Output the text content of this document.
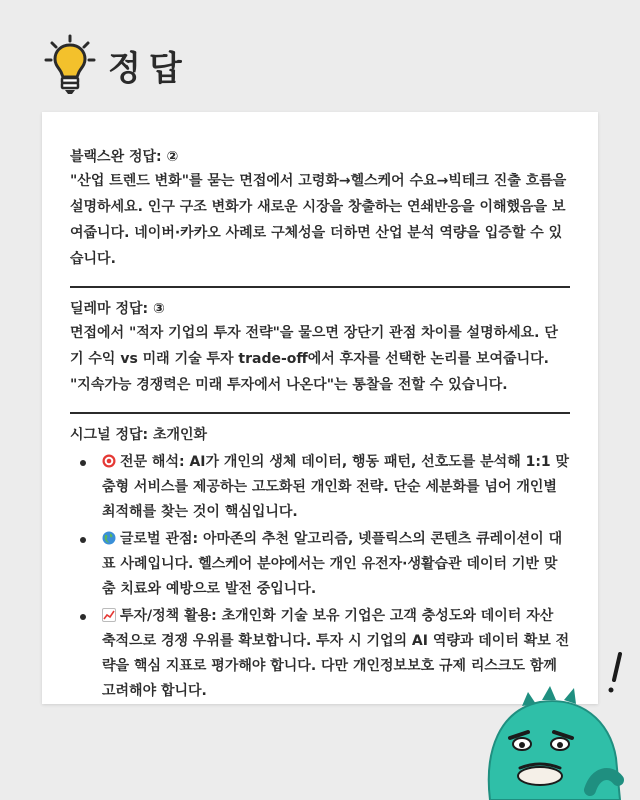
정답
블랙스완 정답: ②

"산업 트렌드 변화"를 묻는 면접에서 고령화→헬스케어 수요→빅테크 진출 흐름을 설명하세요. 인구 구조 변화가 새로운 시장을 창출하는 연쇄반응을 이해했음을 보여줍니다. 네이버·카카오 사례로 구체성을 더하면 산업 분석 역량을 입증할 수 있습니다.

딜레마 정답: ③

면접에서 "적자 기업의 투자 전략"을 물으면 장단기 관점 차이를 설명하세요. 단기 수익 vs 미래 기술 투자 trade-off에서 후자를 선택한 논리를 보여줍니다. "지속가능 경쟁력은 미래 투자에서 나온다"는 통찰을 전할 수 있습니다.

시그널 정답: 초개인화
전문 해석: AI가 개인의 생체 데이터, 행동 패턴, 선호도를 분석해 1:1 맞춤형 서비스를 제공하는 고도화된 개인화 전략. 단순 세분화를 넘어 개인별 최적해를 찾는 것이 핵심입니다.
글로벌 관점: 아마존의 추천 알고리즘, 넷플릭스의 콘텐츠 큐레이션이 대표 사례입니다. 헬스케어 분야에서는 개인 유전자·생활습관 데이터 기반 맞춤 치료와 예방으로 발전 중입니다.
투자/정책 활용: 초개인화 기술 보유 기업은 고객 충성도와 데이터 자산 축적으로 경쟁 우위를 확보합니다. 투자 시 기업의 AI 역량과 데이터 확보 전략을 핵심 지표로 평가해야 합니다. 다만 개인정보보호 규제 리스크도 함께 고려해야 합니다.
